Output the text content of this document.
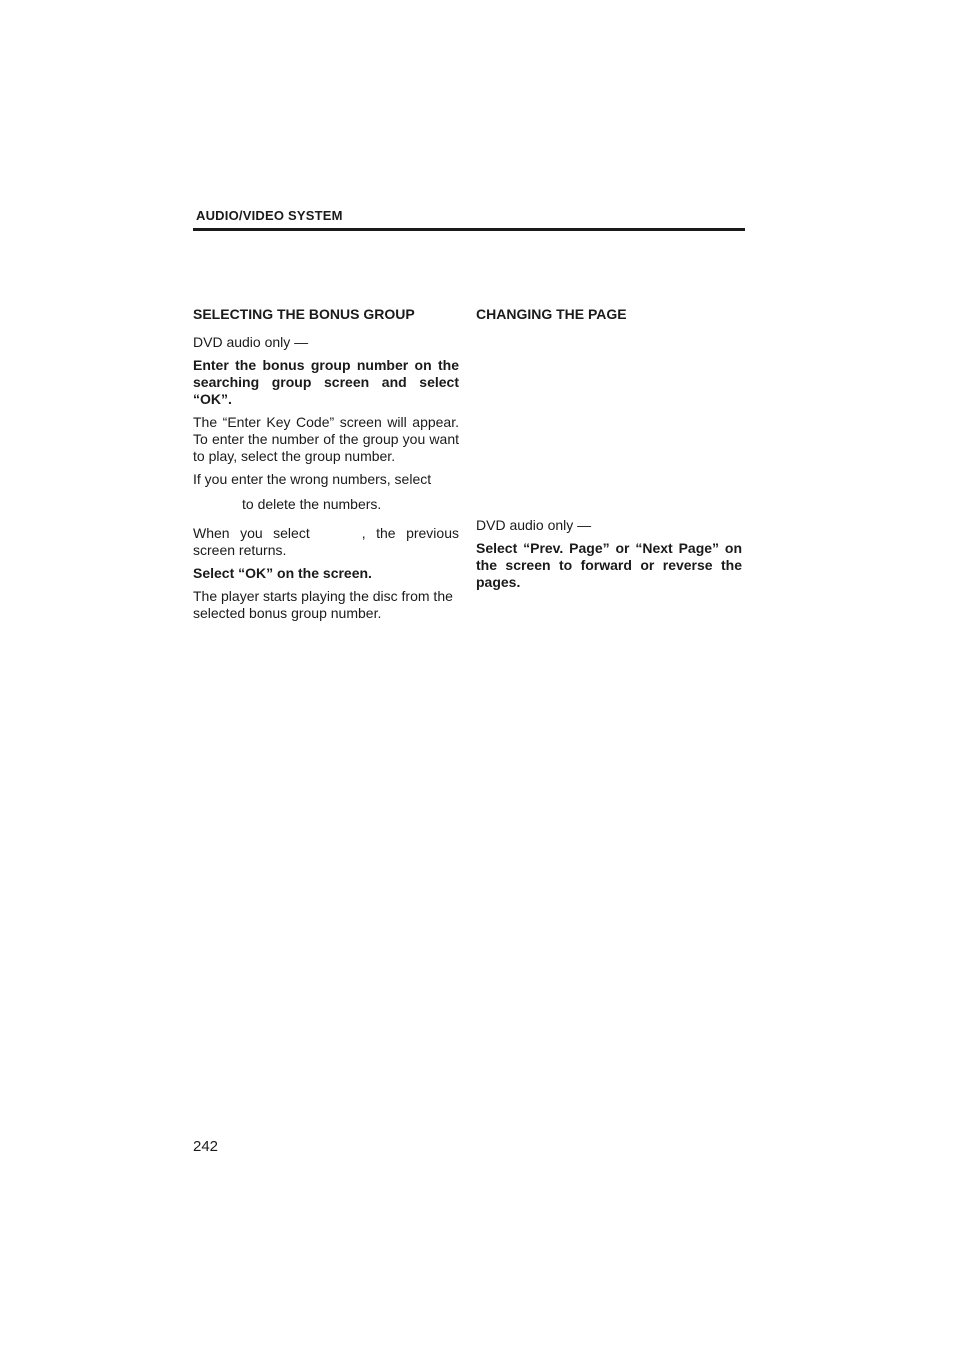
AUDIO/VIDEO SYSTEM

SELECTING THE BONUS GROUP

DVD audio only —

Enter the bonus group number on the searching group screen and select “OK”.

The “Enter Key Code” screen will appear. To enter the number of the group you want to play, select the group number.

If you enter the wrong numbers, select
to delete the numbers.

When you select	, the previous screen returns.

Select “OK” on the screen.

The player starts playing the disc from the selected bonus group number.

CHANGING THE PAGE

DVD audio only —

Select “Prev. Page” or “Next Page” on the screen to forward or reverse the pages.

242
